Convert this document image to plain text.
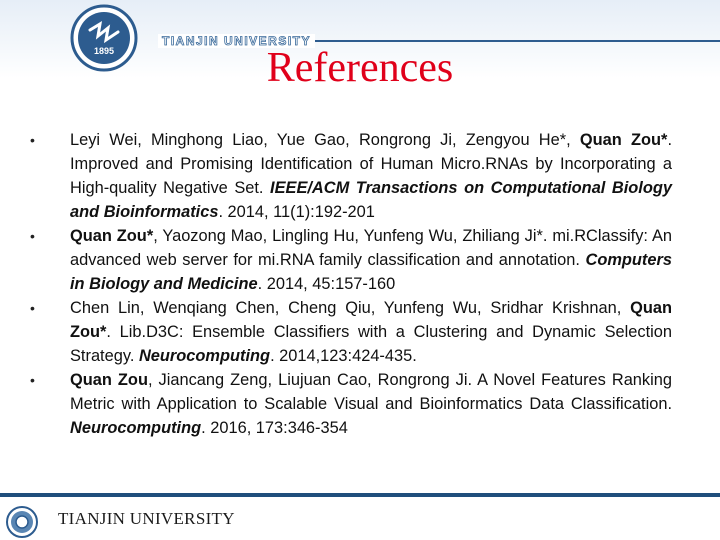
1895
TIANJIN UNIVERSITY
References
• Leyi Wei, Minghong Liao, Yue Gao, Rongrong Ji, Zengyou He*, Quan Zou*. Improved and Promising Identification of Human Micro.RNAs by Incorporating a High-quality Negative Set. IEEE/ACM Transactions on Computational Biology and Bioinformatics. 2014, 11(1):192-201
• Quan Zou*, Yaozong Mao, Lingling Hu, Yunfeng Wu, Zhiliang Ji*. mi.RClassify: An advanced web server for mi.RNA family classification and annotation. Computers in Biology and Medicine. 2014, 45:157-160
• Chen Lin, Wenqiang Chen, Cheng Qiu, Yunfeng Wu, Sridhar Krishnan, Quan Zou*. Lib.D3C: Ensemble Classifiers with a Clustering and Dynamic Selection Strategy. Neurocomputing. 2014,123:424-435.
• Quan Zou, Jiancang Zeng, Liujuan Cao, Rongrong Ji. A Novel Features Ranking Metric with Application to Scalable Visual and Bioinformatics Data Classification. Neurocomputing. 2016, 173:346-354
TIANJIN UNIVERSITY
